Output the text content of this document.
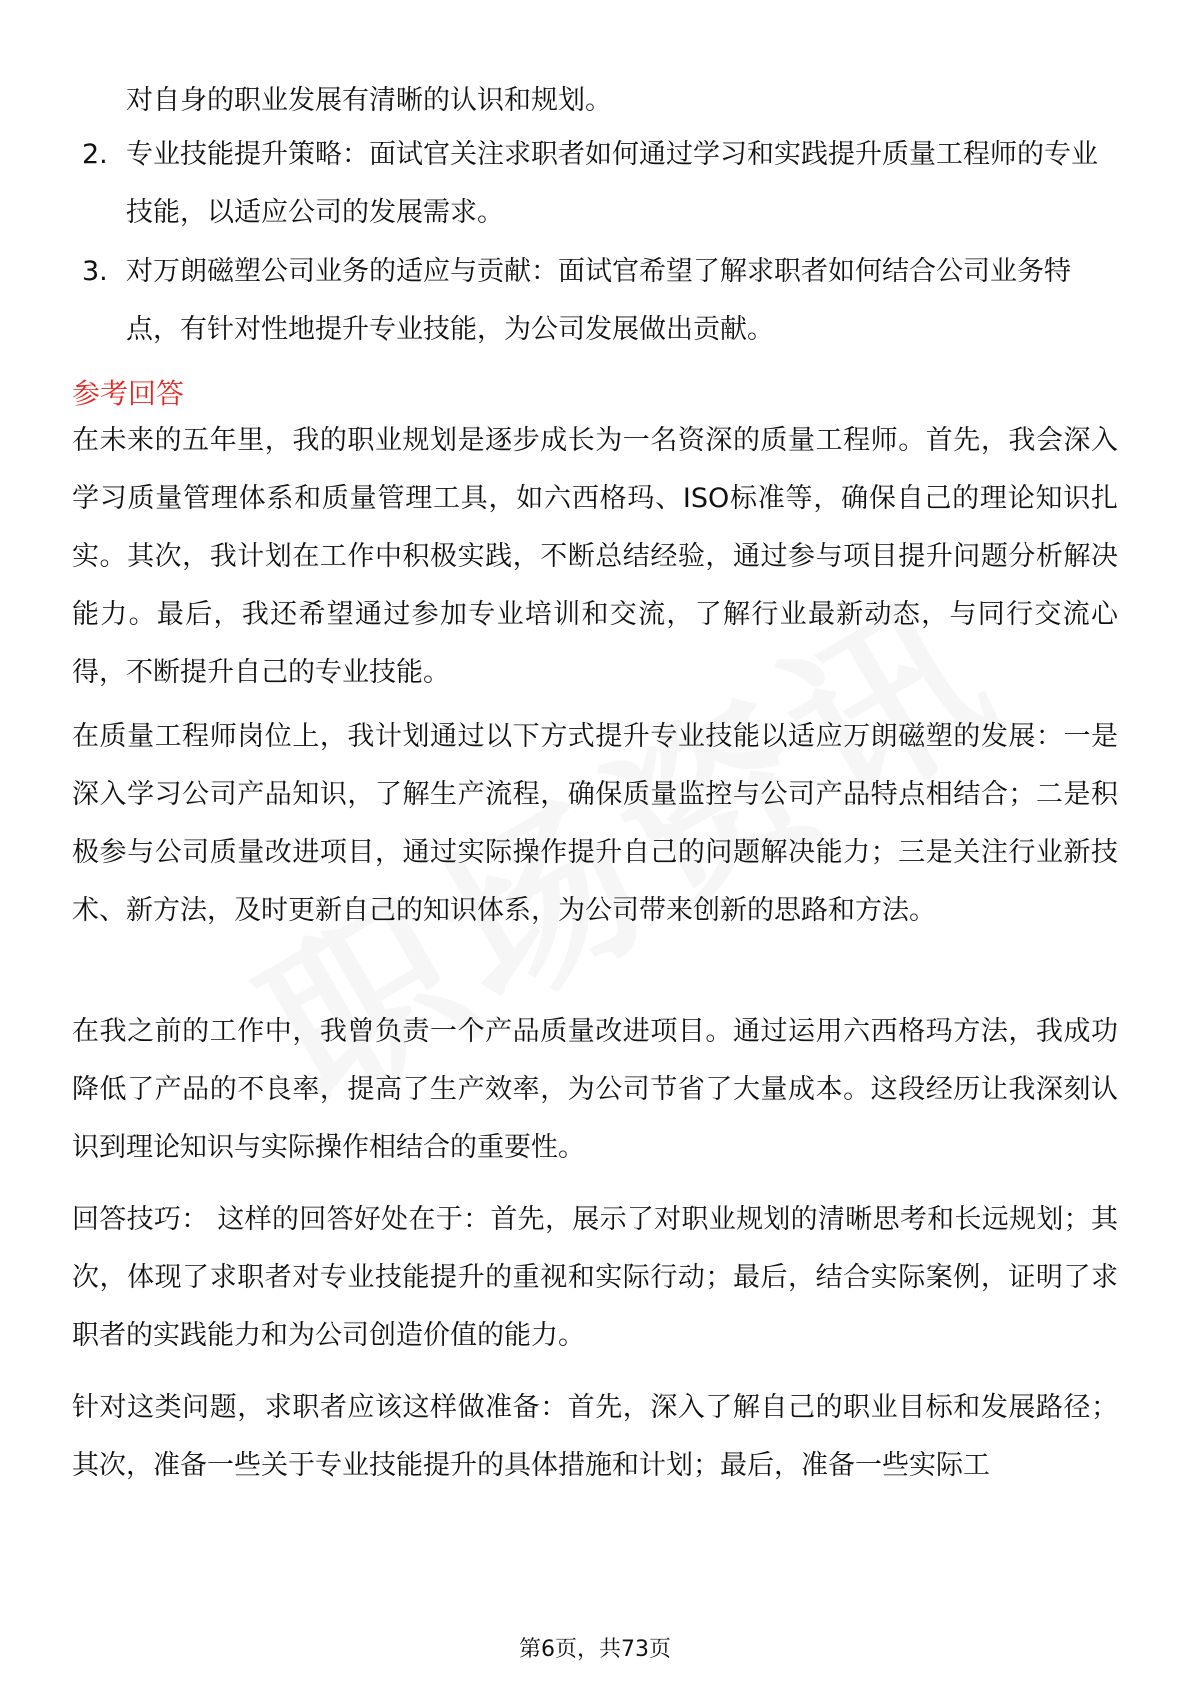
对自身的职业发展有清晰的认识和规划。
2. 专业技能提升策略：面试官关注求职者如何通过学习和实践提升质量工程师的专业技能，以适应公司的发展需求。
3. 对万朗磁塑公司业务的适应与贡献：面试官希望了解求职者如何结合公司业务特点，有针对性地提升专业技能，为公司发展做出贡献。
参考回答
在未来的五年里，我的职业规划是逐步成长为一名资深的质量工程师。首先，我会深入学习质量管理体系和质量管理工具，如六西格玛、ISO标准等，确保自己的理论知识扎实。其次，我计划在工作中积极实践，不断总结经验，通过参与项目提升问题分析解决能力。最后，我还希望通过参加专业培训和交流，了解行业最新动态，与同行交流心得，不断提升自己的专业技能。
在质量工程师岗位上，我计划通过以下方式提升专业技能以适应万朗磁塑的发展：一是深入学习公司产品知识，了解生产流程，确保质量监控与公司产品特点相结合；二是积极参与公司质量改进项目，通过实际操作提升自己的问题解决能力；三是关注行业新技术、新方法，及时更新自己的知识体系，为公司带来创新的思路和方法。
在我之前的工作中，我曾负责一个产品质量改进项目。通过运用六西格玛方法，我成功降低了产品的不良率，提高了生产效率，为公司节省了大量成本。这段经历让我深刻认识到理论知识与实际操作相结合的重要性。
回答技巧： 这样的回答好处在于：首先，展示了对职业规划的清晰思考和长远规划；其次，体现了求职者对专业技能提升的重视和实际行动；最后，结合实际案例，证明了求职者的实践能力和为公司创造价值的能力。
针对这类问题，求职者应该这样做准备：首先，深入了解自己的职业目标和发展路径；其次，准备一些关于专业技能提升的具体措施和计划；最后，准备一些实际工
第6页，共73页
